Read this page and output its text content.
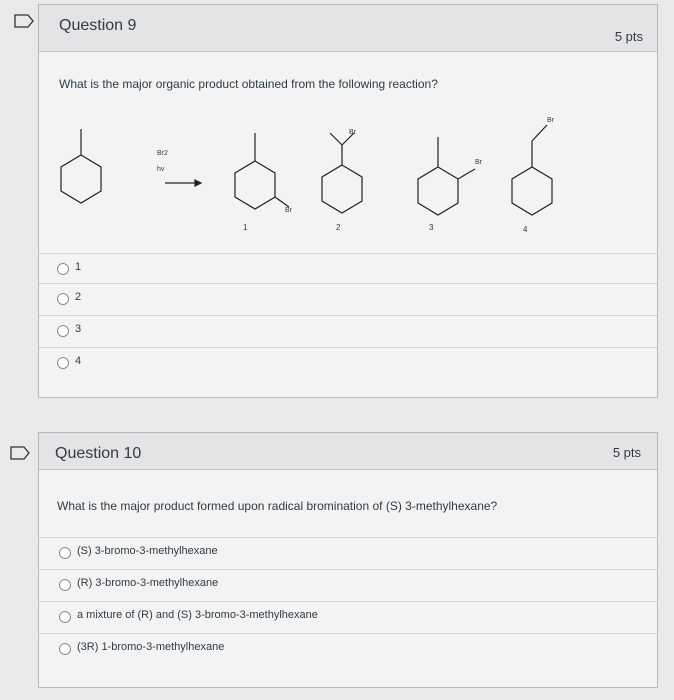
Question 9
5 pts
What is the major organic product obtained from the following reaction?
Br2
hv
Br
Br
Br
Br
1	2	3	4
1
2
3
4
Question 10	5 pts
What is the major product formed upon radical bromination of (S) 3-methylhexane?
(S) 3-bromo-3-methylhexane
(R) 3-bromo-3-methylhexane
a mixture of (R) and (S) 3-bromo-3-methylhexane
(3R) 1-bromo-3-methylhexane
